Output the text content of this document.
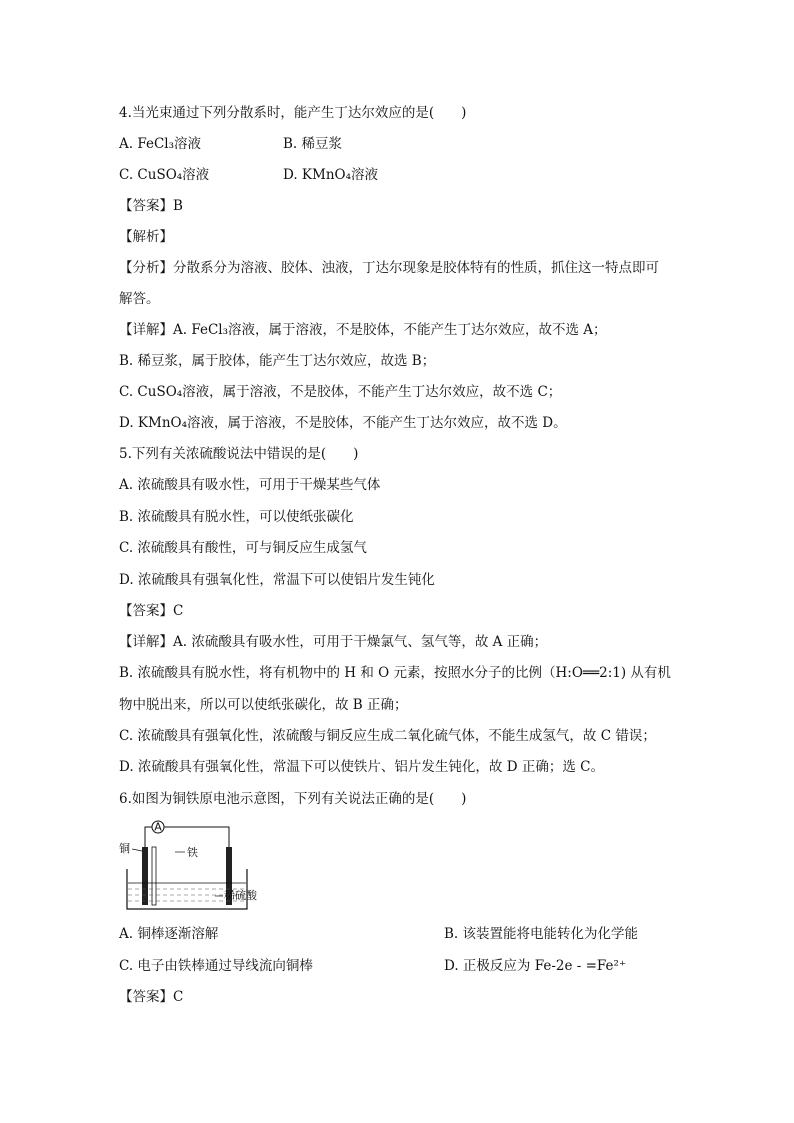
4.当光束通过下列分散系时，能产生丁达尔效应的是(　　)
A. FeCl₃溶液	B. 稀豆浆
C. CuSO₄溶液	D. KMnO₄溶液
【答案】B
【解析】
【分析】分散系分为溶液、胶体、浊液，丁达尔现象是胶体特有的性质，抓住这一特点即可
解答。
【详解】A. FeCl₃溶液，属于溶液，不是胶体，不能产生丁达尔效应，故不选 A；
B. 稀豆浆，属于胶体，能产生丁达尔效应，故选 B；
C. CuSO₄溶液，属于溶液，不是胶体，不能产生丁达尔效应，故不选 C；
D. KMnO₄溶液，属于溶液，不是胶体，不能产生丁达尔效应，故不选 D。
5.下列有关浓硫酸说法中错误的是(　　)
A. 浓硫酸具有吸水性，可用于干燥某些气体
B. 浓硫酸具有脱水性，可以使纸张碳化
C. 浓硫酸具有酸性，可与铜反应生成氢气
D. 浓硫酸具有强氧化性，常温下可以使铝片发生钝化
【答案】C
【详解】A. 浓硫酸具有吸水性，可用于干燥氯气、氢气等，故 A 正确；
B. 浓硫酸具有脱水性，将有机物中的 H 和 O 元素，按照水分子的比例（H:O══2:1) 从有机
物中脱出来，所以可以使纸张碳化，故 B 正确；
C. 浓硫酸具有强氧化性，浓硫酸与铜反应生成二氧化硫气体，不能生成氢气，故 C 错误；
D. 浓硫酸具有强氧化性，常温下可以使铁片、铝片发生钝化，故 D 正确；选 C。
6.如图为铜铁原电池示意图，下列有关说法正确的是(　　)
A
铜	铁
稀硫酸
A. 铜棒逐渐溶解	B. 该装置能将电能转化为化学能
C. 电子由铁棒通过导线流向铜棒	D. 正极反应为 Fe-2e - =Fe²⁺
【答案】C
